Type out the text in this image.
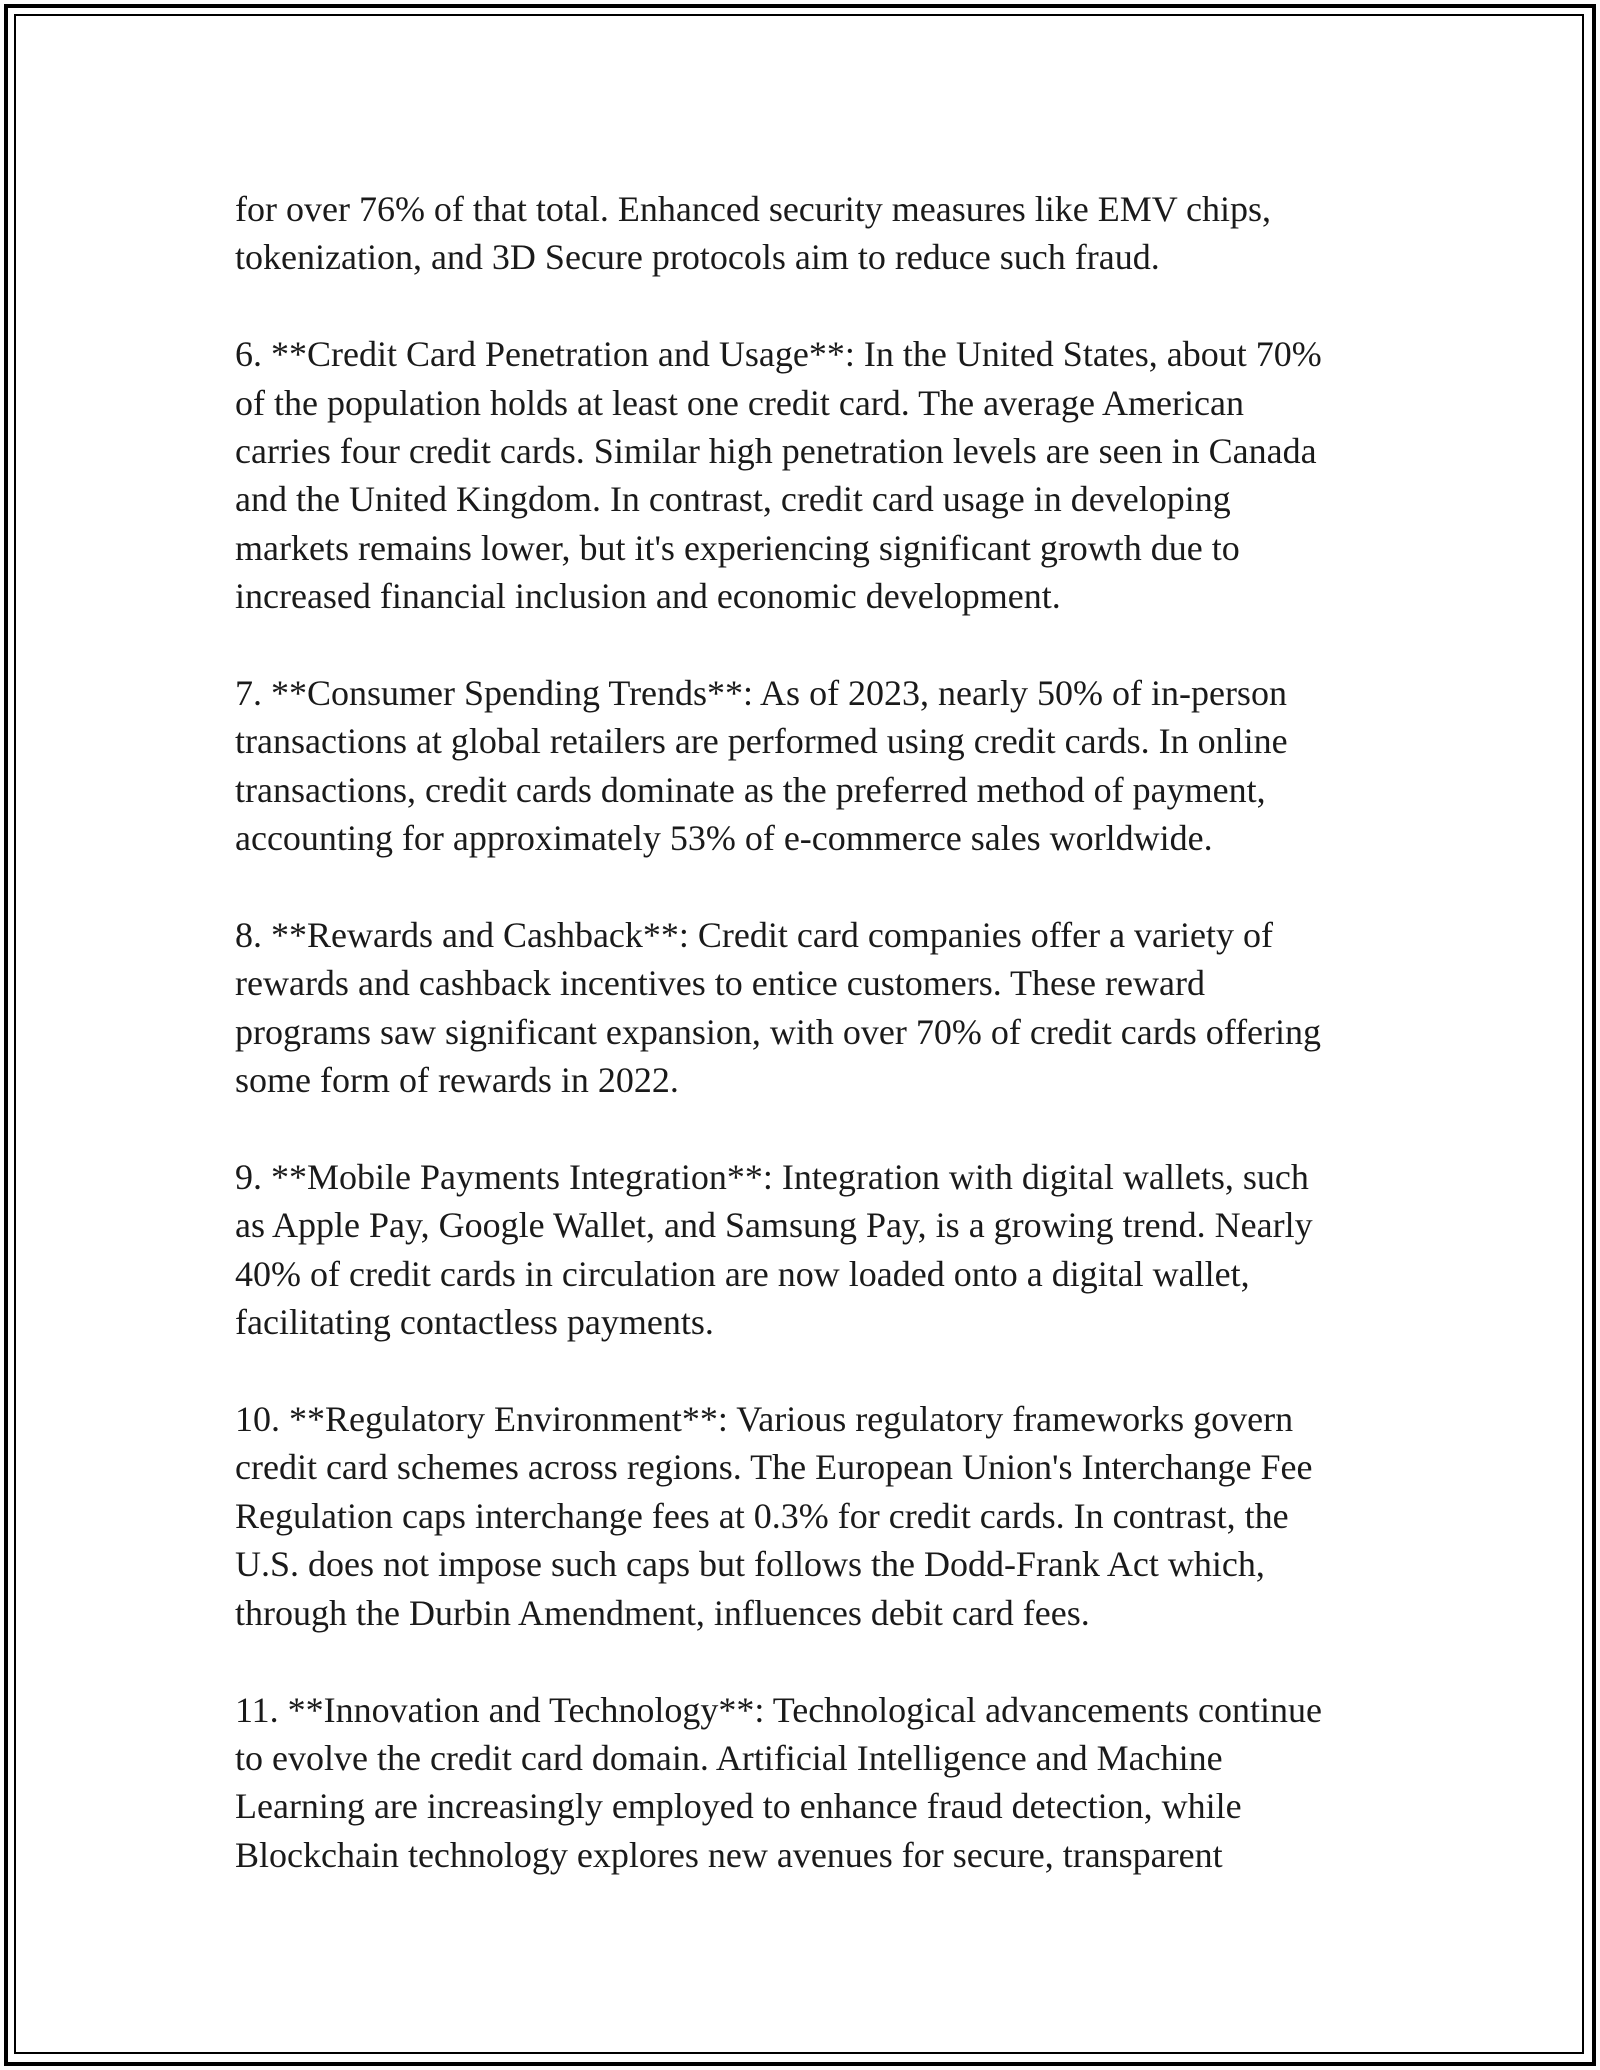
for over 76% of that total. Enhanced security measures like EMV chips,
tokenization, and 3D Secure protocols aim to reduce such fraud.

6. **Credit Card Penetration and Usage**: In the United States, about 70%
of the population holds at least one credit card. The average American
carries four credit cards. Similar high penetration levels are seen in Canada
and the United Kingdom. In contrast, credit card usage in developing
markets remains lower, but it's experiencing significant growth due to
increased financial inclusion and economic development.

7. **Consumer Spending Trends**: As of 2023, nearly 50% of in-person
transactions at global retailers are performed using credit cards. In online
transactions, credit cards dominate as the preferred method of payment,
accounting for approximately 53% of e-commerce sales worldwide.

8. **Rewards and Cashback**: Credit card companies offer a variety of
rewards and cashback incentives to entice customers. These reward
programs saw significant expansion, with over 70% of credit cards offering
some form of rewards in 2022.

9. **Mobile Payments Integration**: Integration with digital wallets, such
as Apple Pay, Google Wallet, and Samsung Pay, is a growing trend. Nearly
40% of credit cards in circulation are now loaded onto a digital wallet,
facilitating contactless payments.

10. **Regulatory Environment**: Various regulatory frameworks govern
credit card schemes across regions. The European Union's Interchange Fee
Regulation caps interchange fees at 0.3% for credit cards. In contrast, the
U.S. does not impose such caps but follows the Dodd-Frank Act which,
through the Durbin Amendment, influences debit card fees.

11. **Innovation and Technology**: Technological advancements continue
to evolve the credit card domain. Artificial Intelligence and Machine
Learning are increasingly employed to enhance fraud detection, while
Blockchain technology explores new avenues for secure, transparent
